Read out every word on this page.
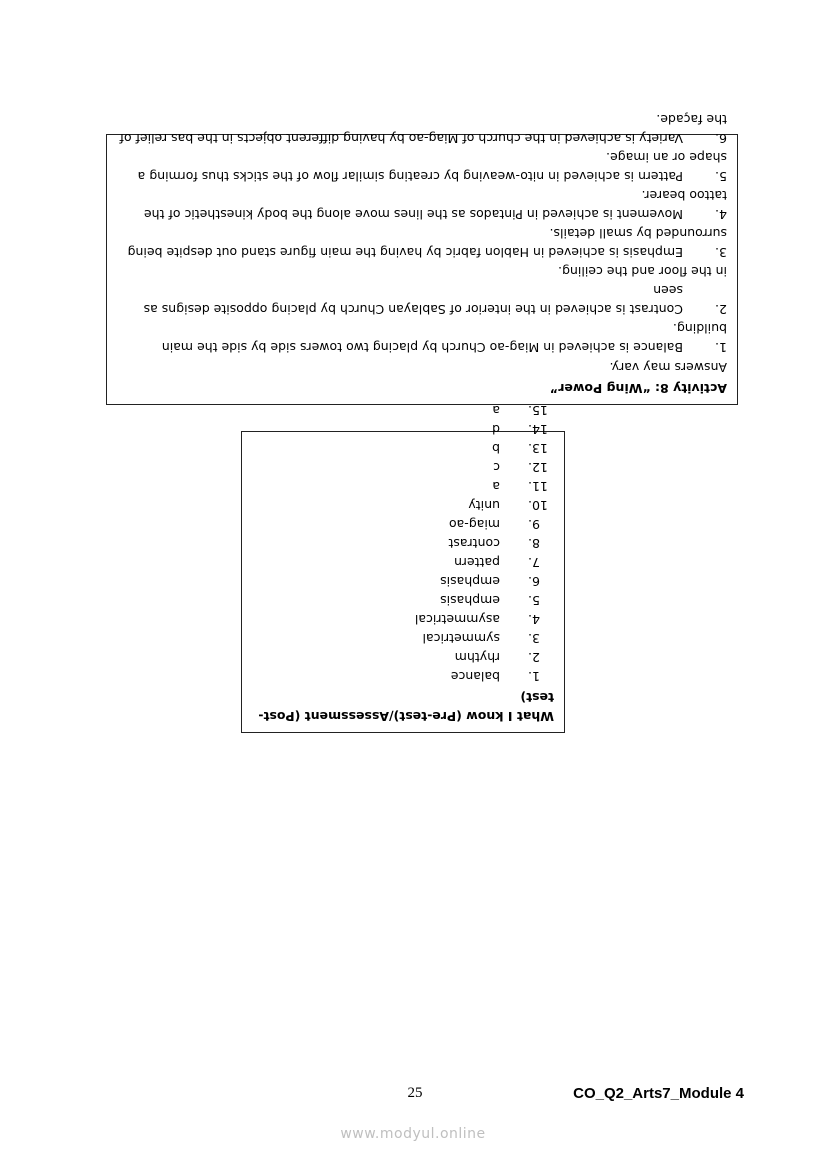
What I know (Pre-test)/Assessment (Post-test)
1.
balance
2.
rhythm
3.
symmetrical
4.
asymmetrical
5.
emphasis
6.
emphasis
7.
pattern
8.
contrast
9.
miag-ao
10.
unity
11.
a
12.
c
13.
b
14.
d
15.
a
Activity 8: “Wing Power”
Answers may vary.
1.
Balance is achieved in Miag-ao Church by placing two towers side by side the main
building.
2.
Contrast is achieved in the interior of Sablayan Church by placing opposite designs as seen
in the floor and the ceiling.
3.
Emphasis is achieved in Hablon fabric by having the main figure stand out despite being
surrounded by small details.
4.
Movement is achieved in Pintados as the lines move along the body kinesthetic of the
tattoo bearer.
5.
Pattern is achieved in nito-weaving by creating similar flow of the sticks thus forming a
shape or an image.
6.
Variety is achieved in the church of Miag-ao by having different objects in the bas relief of
the façade.
25	CO_Q2_Arts7_Module 4
www.modyul.online
